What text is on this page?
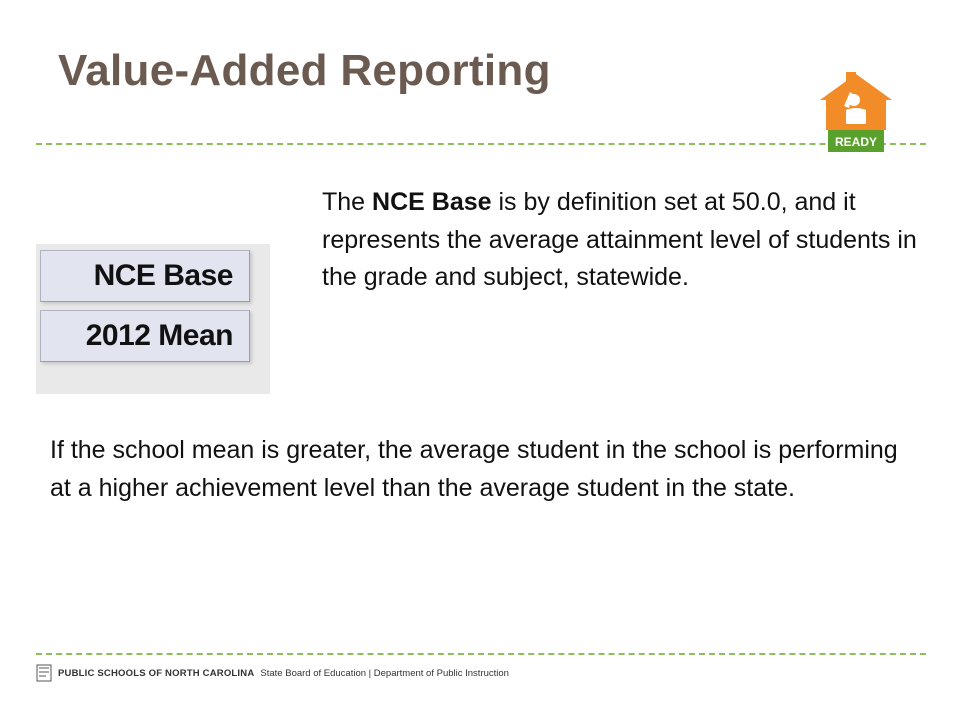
Value-Added Reporting
READY
NCE Base
2012 Mean

The NCE Base is by definition set at 50.0, and it represents the average attainment level of students in the grade and subject, statewide.

If the school mean is greater, the average student in the school is performing at a higher achievement level than the average student in the state.

PUBLIC SCHOOLS OF NORTH CAROLINA State Board of Education | Department of Public Instruction
